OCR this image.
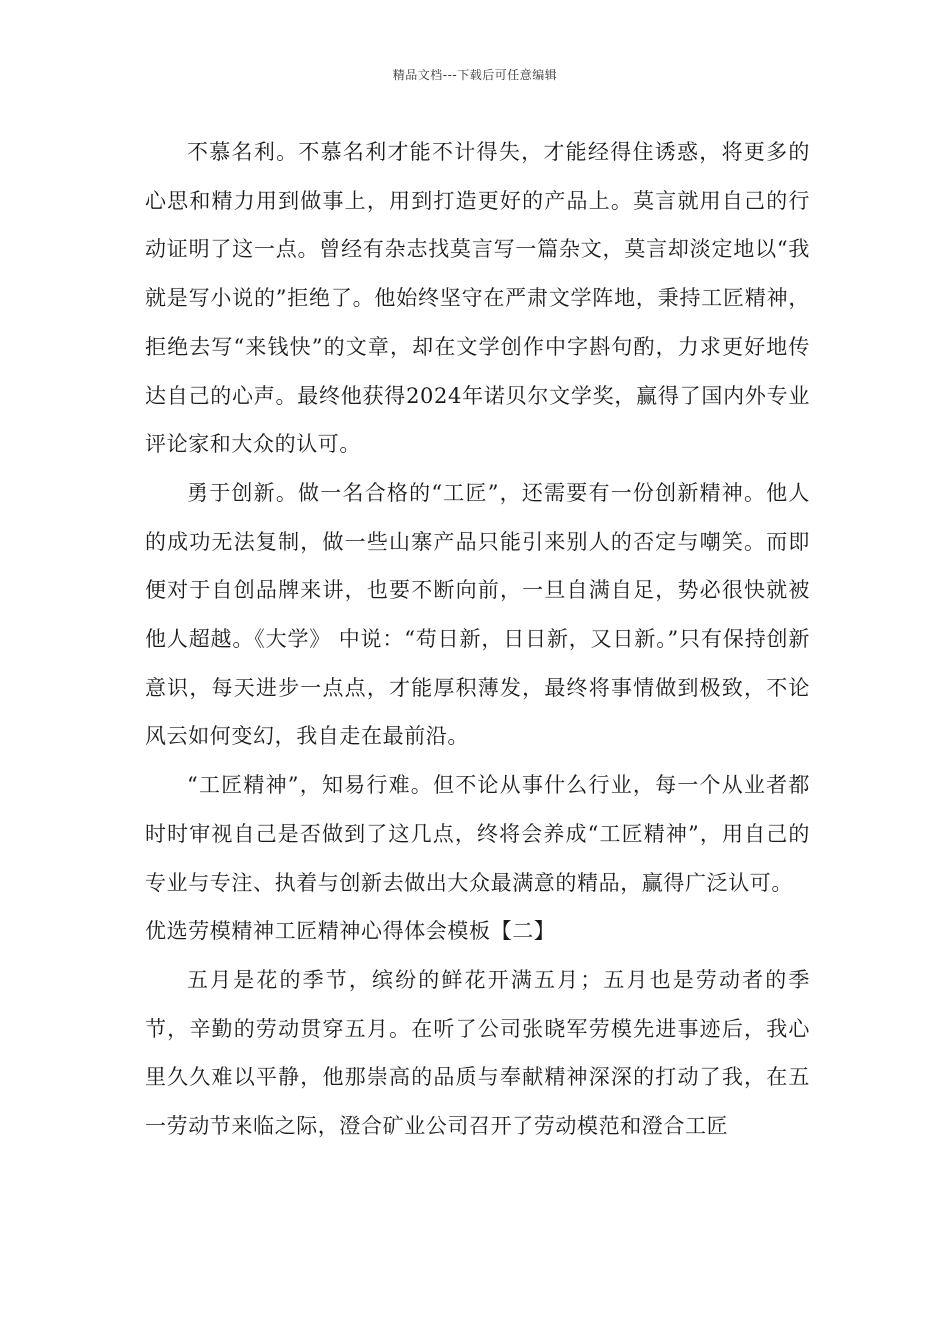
精品文档---下载后可任意编辑

不慕名利。不慕名利才能不计得失，才能经得住诱惑，将更多的心思和精力用到做事上，用到打造更好的产品上。莫言就用自己的行动证明了这一点。曾经有杂志找莫言写一篇杂文，莫言却淡定地以“我就是写小说的”拒绝了。他始终坚守在严肃文学阵地，秉持工匠精神，拒绝去写“来钱快”的文章，却在文学创作中字斟句酌，力求更好地传达自己的心声。最终他获得2024年诺贝尔文学奖，赢得了国内外专业评论家和大众的认可。

勇于创新。做一名合格的“工匠”，还需要有一份创新精神。他人的成功无法复制，做一些山寨产品只能引来别人的否定与嘲笑。而即便对于自创品牌来讲，也要不断向前，一旦自满自足，势必很快就被他人超越。《大学》 中说：“苟日新，日日新，又日新。”只有保持创新意识，每天进步一点点，才能厚积薄发，最终将事情做到极致，不论风云如何变幻，我自走在最前沿。

“工匠精神”，知易行难。但不论从事什么行业，每一个从业者都时时审视自己是否做到了这几点，终将会养成“工匠精神”，用自己的专业与专注、执着与创新去做出大众最满意的精品，赢得广泛认可。

优选劳模精神工匠精神心得体会模板【二】

五月是花的季节，缤纷的鲜花开满五月；五月也是劳动者的季节，辛勤的劳动贯穿五月。在听了公司张晓军劳模先进事迹后，我心里久久难以平静，他那崇高的品质与奉献精神深深的打动了我，在五一劳动节来临之际，澄合矿业公司召开了劳动模范和澄合工匠
